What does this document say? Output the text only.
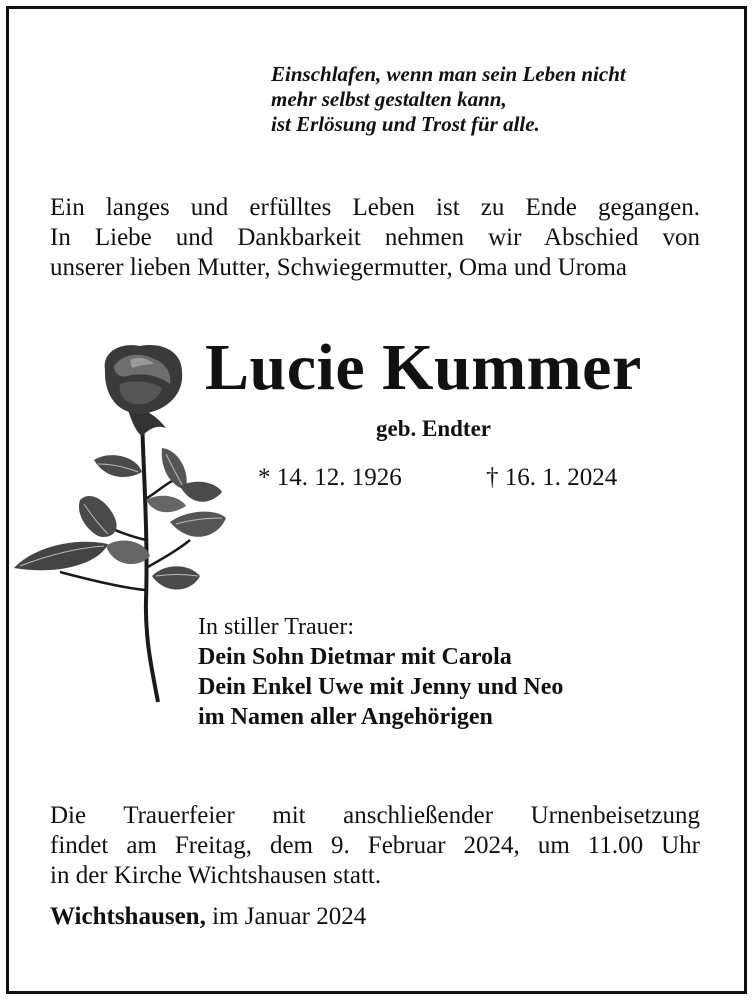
Einschlafen, wenn man sein Leben nicht
mehr selbst gestalten kann,
ist Erlösung und Trost für alle.
Ein langes und erfülltes Leben ist zu Ende gegangen.
In Liebe und Dankbarkeit nehmen wir Abschied von
unserer lieben Mutter, Schwiegermutter, Oma und Uroma
Lucie Kummer
geb. Endter
* 14. 12. 1926	† 16. 1. 2024
In stiller Trauer:
Dein Sohn Dietmar mit Carola
Dein Enkel Uwe mit Jenny und Neo
im Namen aller Angehörigen
Die Trauerfeier mit anschließender Urnenbeisetzung
findet am Freitag, dem 9. Februar 2024, um 11.00 Uhr
in der Kirche Wichtshausen statt.
Wichtshausen, im Januar 2024
